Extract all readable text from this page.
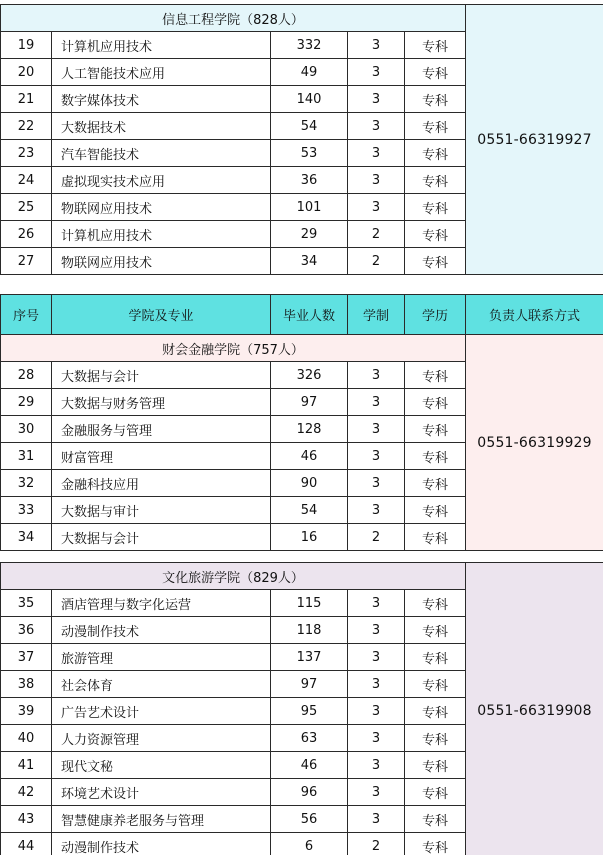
信息工程学院（828人）					0551-66319927
19	计算机应用技术	332	3	专科	
20	人工智能技术应用	49	3	专科	
21	数字媒体技术	140	3	专科	
22	大数据技术	54	3	专科	
23	汽车智能技术	53	3	专科	
24	虚拟现实技术应用	36	3	专科	
25	物联网应用技术	101	3	专科	
26	计算机应用技术	29	2	专科	
27	物联网应用技术	34	2	专科	
序号	学院及专业	毕业人数	学制	学历	负责人联系方式
财会金融学院（757人）					0551-66319929
28	大数据与会计	326	3	专科	
29	大数据与财务管理	97	3	专科	
30	金融服务与管理	128	3	专科	
31	财富管理	46	3	专科	
32	金融科技应用	90	3	专科	
33	大数据与审计	54	3	专科	
34	大数据与会计	16	2	专科	
文化旅游学院（829人）					0551-66319908
35	酒店管理与数字化运营	115	3	专科	
36	动漫制作技术	118	3	专科	
37	旅游管理	137	3	专科	
38	社会体育	97	3	专科	
39	广告艺术设计	95	3	专科	
40	人力资源管理	63	3	专科	
41	现代文秘	46	3	专科	
42	环境艺术设计	96	3	专科	
43	智慧健康养老服务与管理	56	3	专科	
44	动漫制作技术	6	2	专科	
